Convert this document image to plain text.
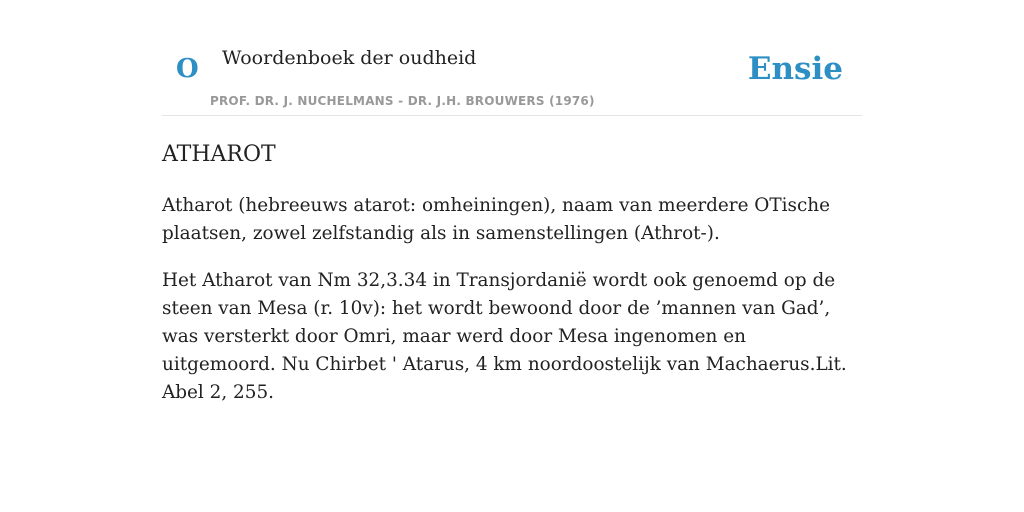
O Woordenboek der oudheid
PROF. DR. J. NUCHELMANS - DR. J.H. BROUWERS (1976)
Ensie
ATHAROT

Atharot (hebreeuws atarot: omheiningen), naam van meerdere OTische plaatsen, zowel zelfstandig als in samenstellingen (Athrot-).

Het Atharot van Nm 32,3.34 in Transjordanië wordt ook genoemd op de steen van Mesa (r. 10v): het wordt bewoond door de ’mannen van Gad’, was versterkt door Omri, maar werd door Mesa ingenomen en uitgemoord. Nu Chirbet ' Atarus, 4 km noordoostelijk van Machaerus.Lit. Abel 2, 255.
